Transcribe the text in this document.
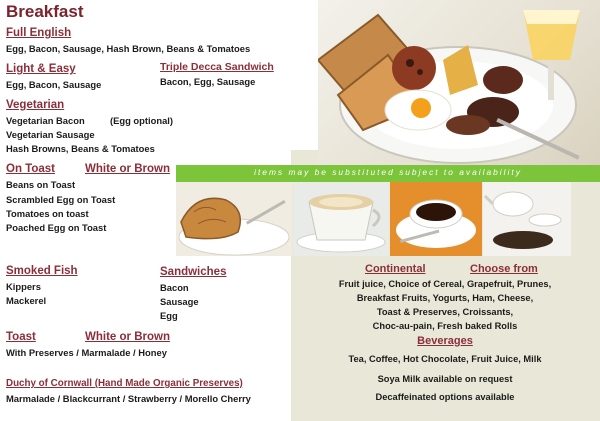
items may be substituted subject to availability
Breakfast
Full English
Egg, Bacon, Sausage, Hash Brown, Beans & Tomatoes
Light & Easy
Egg, Bacon, Sausage
Triple Decca Sandwich
Bacon, Egg, Sausage
Vegetarian
Vegetarian Bacon	(Egg optional)
Vegetarian Sausage
Hash Browns, Beans & Tomatoes
On Toast	White or Brown
Beans on Toast
Scrambled Egg on Toast
Tomatoes on toast
Poached Egg on Toast
Smoked Fish
Kippers
Mackerel
Sandwiches
Bacon
Sausage
Egg
Toast	White or Brown
With Preserves / Marmalade / Honey
Duchy of Cornwall (Hand Made Organic Preserves)
Marmalade / Blackcurrant / Strawberry / Morello Cherry
Continental	Choose from
Fruit juice, Choice of Cereal, Grapefruit, Prunes,
Breakfast Fruits, Yogurts, Ham, Cheese,
Toast & Preserves, Croissants,
Choc-au-pain, Fresh baked Rolls
Beverages
Tea, Coffee, Hot Chocolate, Fruit Juice, Milk
Soya Milk available on request
Decaffeinated options available
